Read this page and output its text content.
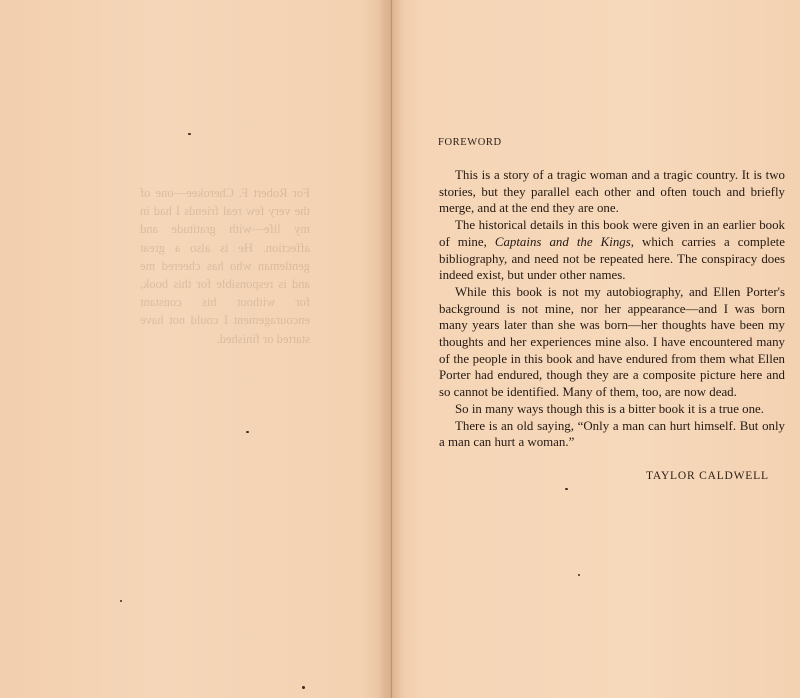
For Robert F. Cherokee—one of the very few real friends I had in my life—with gratitude and affection. He is also a great gentleman who has cheered me and is responsible for this book, for without his constant encouragement I could not have started or finished.
FOREWORD

This is a story of a tragic woman and a tragic country. It is two stories, but they parallel each other and often touch and briefly merge, and at the end they are one.

The historical details in this book were given in an earlier book of mine, Captains and the Kings, which carries a complete bibliography, and need not be repeated here. The conspiracy does indeed exist, but under other names.

While this book is not my autobiography, and Ellen Porter's background is not mine, nor her appearance—and I was born many years later than she was born—her thoughts have been my thoughts and her experiences mine also. I have encountered many of the people in this book and have endured from them what Ellen Porter had endured, though they are a composite picture here and so cannot be identified. Many of them, too, are now dead.

So in many ways though this is a bitter book it is a true one.

There is an old saying, “Only a man can hurt himself. But only a man can hurt a woman.”

TAYLOR CALDWELL
